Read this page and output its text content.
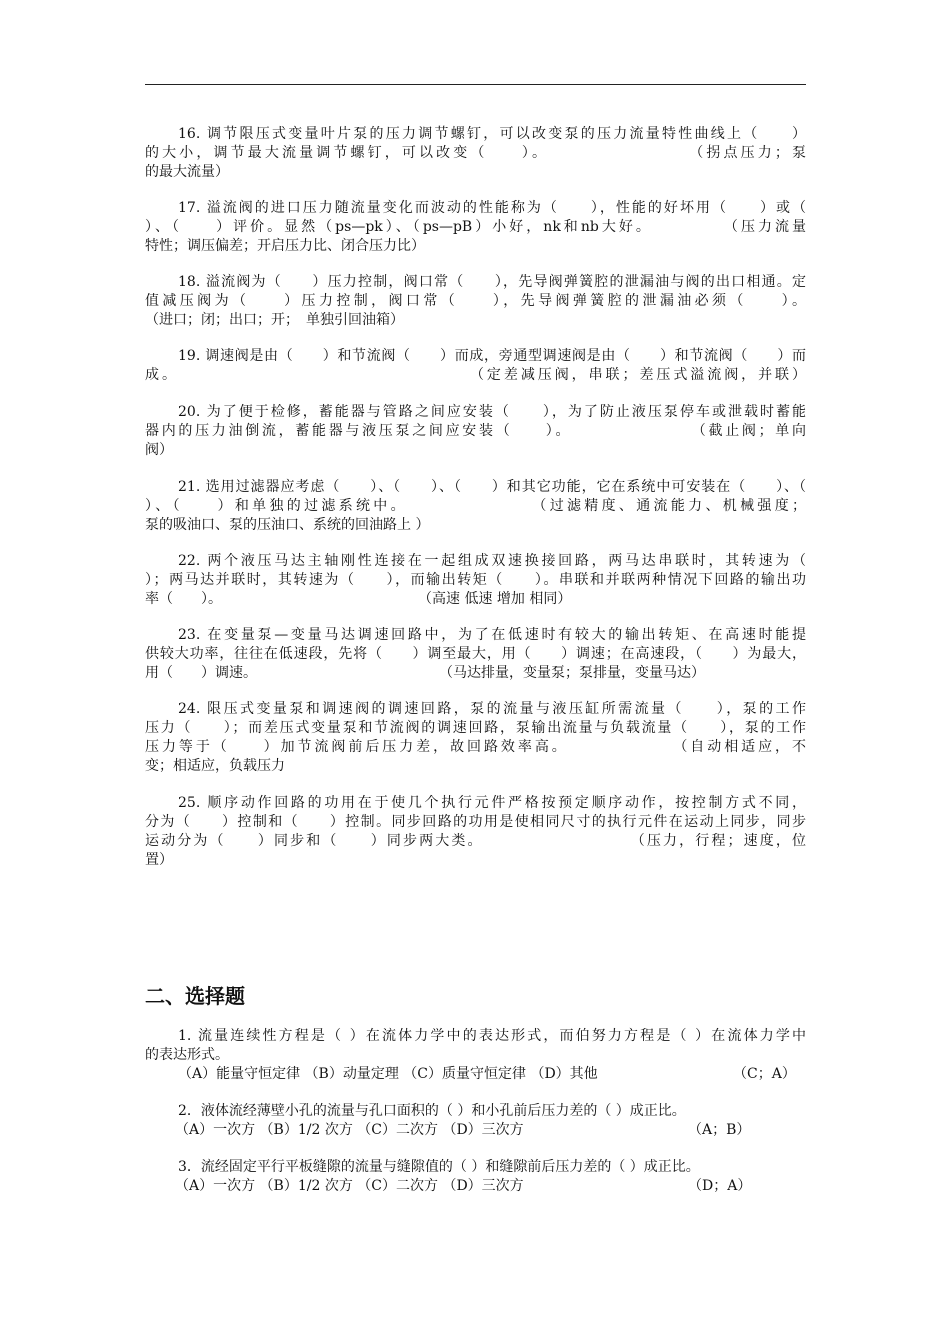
16. 调节限压式变量叶片泵的压力调节螺钉，可以改变泵的压力流量特性曲线上（　　）
的大小，调节最大流量调节螺钉，可以改变（　　）。　　　　　　　　　（拐点压力；泵
的最大流量）
17. 溢流阀的进口压力随流量变化而波动的性能称为（　　），性能的好坏用（　　）或（
）、（　　）评价。显然（ps—pk）、（ps—pB）小好，nk和nb大好。　　　　　（压力流量
特性；调压偏差；开启压力比、闭合压力比）
18. 溢流阀为（　　）压力控制，阀口常（　　），先导阀弹簧腔的泄漏油与阀的出口相通。定
值减压阀为（　　）压力控制，阀口常（　　），先导阀弹簧腔的泄漏油必须（　　）。
（进口；闭；出口；开；　单独引回油箱）
19. 调速阀是由（　　）和节流阀（　　）而成，旁通型调速阀是由（　　）和节流阀（　　）而
成。　　　　　　　　　　　　　　　　　　（定差减压阀，串联；差压式溢流阀，并联）
20. 为了便于检修，蓄能器与管路之间应安装（　　），为了防止液压泵停车或泄载时蓄能
器内的压力油倒流，蓄能器与液压泵之间应安装（　　）。　　　　　　　　（截止阀；单向
阀）
21. 选用过滤器应考虑（　　）、（　　）、（　　）和其它功能，它在系统中可安装在（　　）、（
）、（　　）和单独的过滤系统中。　　　　　　　　（过滤精度、通流能力、机械强度；
泵的吸油口、泵的压油口、系统的回油路上 ）
22. 两个液压马达主轴刚性连接在一起组成双速换接回路，两马达串联时，其转速为（
）；两马达并联时，其转速为（　　），而输出转矩（　　）。串联和并联两种情况下回路的输出功
率（　　）。　　　　　　　　　　　　　　　（高速 低速 增加 相同）
23. 在变量泵—变量马达调速回路中，为了在低速时有较大的输出转矩、在高速时能提
供较大功率，往往在低速段，先将（　　）调至最大，用（　　）调速；在高速段，（　　）为最大，
用（　　）调速。　　　　　　　　　　　　　　（马达排量，变量泵；泵排量，变量马达）
24. 限压式变量泵和调速阀的调速回路，泵的流量与液压缸所需流量（　　），泵的工作
压力（　　）；而差压式变量泵和节流阀的调速回路，泵输出流量与负载流量（　　），泵的工作
压力等于（　　）加节流阀前后压力差，故回路效率高。　　　　　　　（自动相适应，不
变；相适应，负载压力
25. 顺序动作回路的功用在于使几个执行元件严格按预定顺序动作，按控制方式不同，
分为（　　）控制和（　　）控制。同步回路的功用是使相同尺寸的执行元件在运动上同步，同步
运动分为（　　）同步和（　　）同步两大类。　　　　　　　　　　（压力，行程；速度，位
置）
二、选择题
1. 流量连续性方程是（ ）在流体力学中的表达形式，而伯努力方程是（ ）在流体力学中
的表达形式。
（A）能量守恒定律 （B）动量定理 （C）质量守恒定律 （D）其他	（C；A）
2．液体流经薄壁小孔的流量与孔口面积的（ ）和小孔前后压力差的（ ）成正比。
（A）一次方 （B）1/2 次方 （C）二次方 （D）三次方	（A；B）
3．流经固定平行平板缝隙的流量与缝隙值的（ ）和缝隙前后压力差的（ ）成正比。
（A）一次方 （B）1/2 次方 （C）二次方 （D）三次方	（D；A）
